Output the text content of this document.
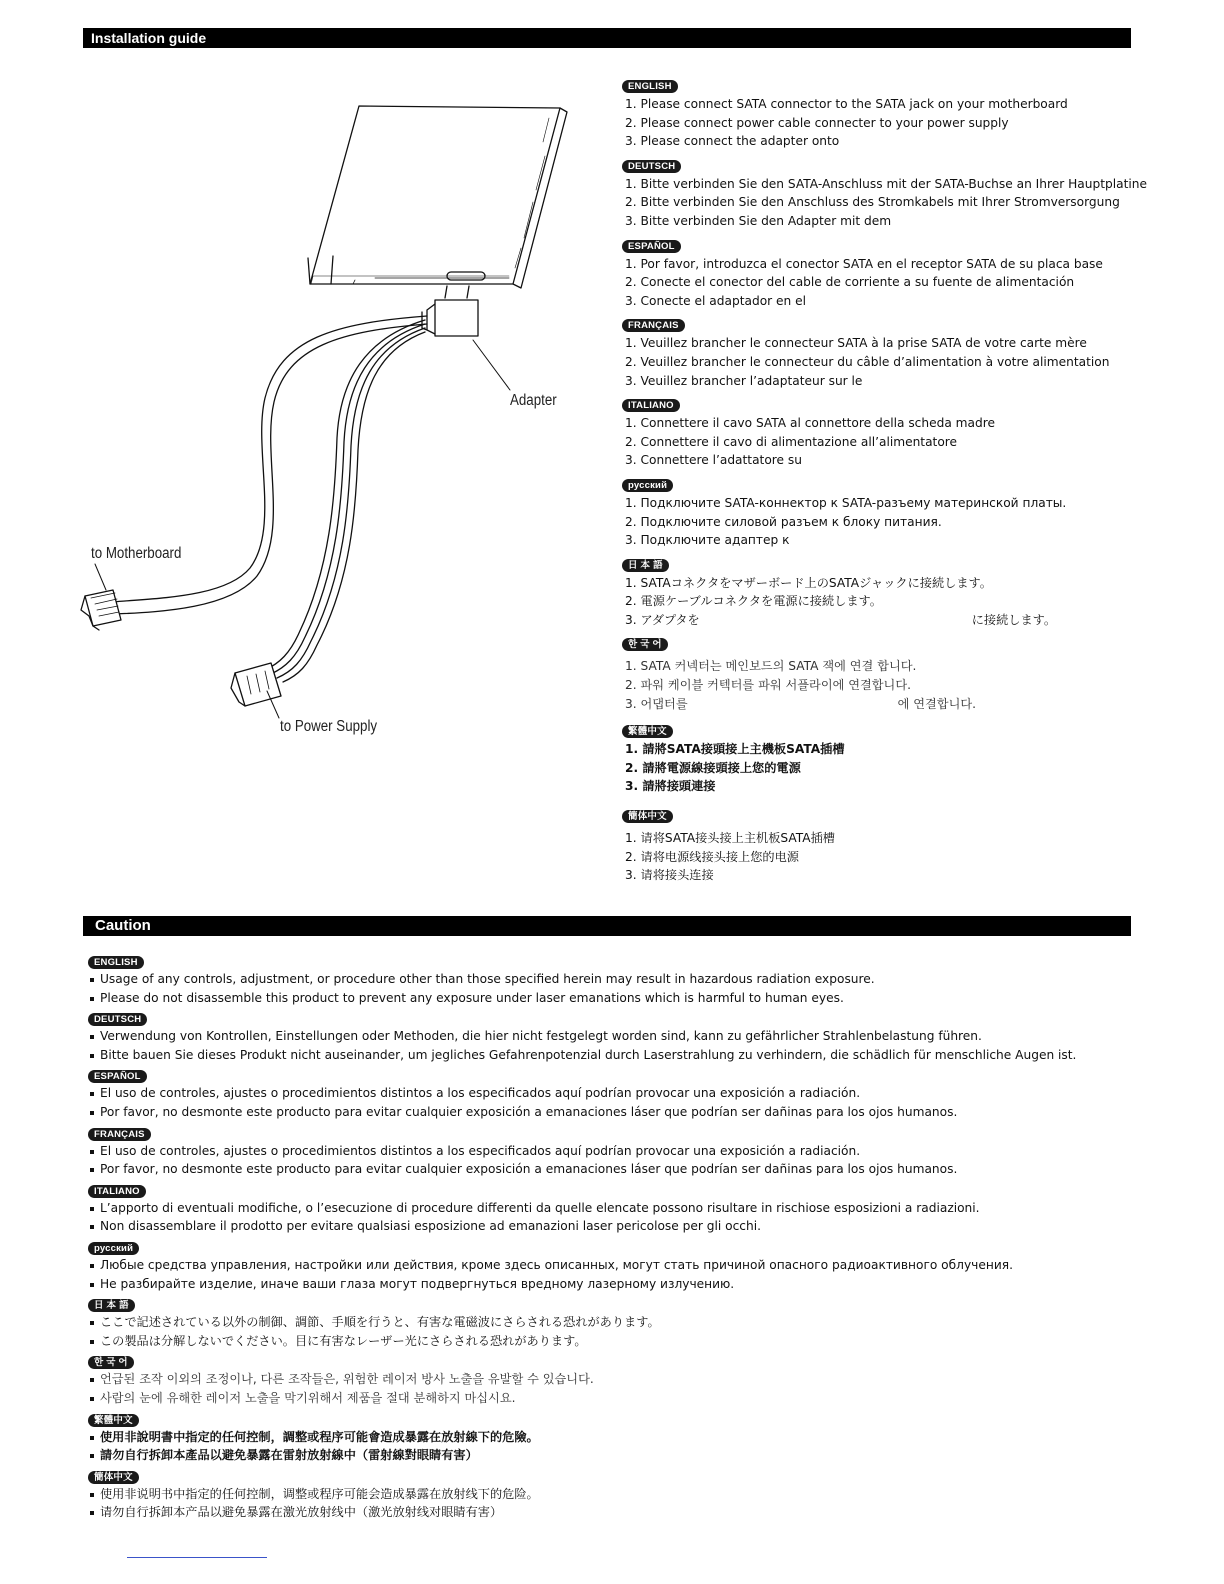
Installation guide
Adapter
to Motherboard
to Power Supply
ENGLISH
1. Please connect SATA connector to the SATA jack on your motherboard
2. Please connect power cable connecter to your power supply
3. Please connect the adapter onto
DEUTSCH
1. Bitte verbinden Sie den SATA-Anschluss mit der SATA-Buchse an Ihrer Hauptplatine
2. Bitte verbinden Sie den Anschluss des Stromkabels mit Ihrer Stromversorgung
3. Bitte verbinden Sie den Adapter mit dem
ESPAÑOL
1. Por favor, introduzca el conector SATA en el receptor SATA de su placa base
2. Conecte el conector del cable de corriente a su fuente de alimentación
3. Conecte el adaptador en el
FRANÇAIS
1. Veuillez brancher le connecteur SATA à la prise SATA de votre carte mère
2. Veuillez brancher le connecteur du câble d’alimentation à votre alimentation
3. Veuillez brancher l’adaptateur sur le
ITALIANO
1. Connettere il cavo SATA al connettore della scheda madre
2. Connettere il cavo di alimentazione all’alimentatore
3. Connettere l’adattatore su
русский
1. Подключите SATA-коннектор к SATA-разъему материнской платы.
2. Подключите силовой разъем к блоку питания.
3. Подключите адаптер к
日 本 語
1. SATAコネクタをマザーボード上のSATAジャックに接続します。
2. 電源ケーブルコネクタを電源に接続します。
3. アダプタを	に接続します。
한 국 어
1. SATA 커넥터는 메인보드의 SATA 잭에 연결 합니다.
2. 파워 케이블 커텍터를 파워 서플라이에 연결합니다.
3. 어댑터를	에 연결합니다.
繁體中文
1. 請將SATA接頭接上主機板SATA插槽
2. 請將電源線接頭接上您的電源
3. 請將接頭連接
簡体中文
1. 请将SATA接头接上主机板SATA插槽
2. 请将电源线接头接上您的电源
3. 请将接头连接
Caution
ENGLISH
Usage of any controls, adjustment, or procedure other than those specified herein may result in hazardous radiation exposure.
Please do not disassemble this product to prevent any exposure under laser emanations which is harmful to human eyes.
DEUTSCH
Verwendung von Kontrollen, Einstellungen oder Methoden, die hier nicht festgelegt worden sind, kann zu gefährlicher Strahlenbelastung führen.
Bitte bauen Sie dieses Produkt nicht auseinander, um jegliches Gefahrenpotenzial durch Laserstrahlung zu verhindern, die schädlich für menschliche Augen ist.
ESPAÑOL
El uso de controles, ajustes o procedimientos distintos a los especificados aquí podrían provocar una exposición a radiación.
Por favor, no desmonte este producto para evitar cualquier exposición a emanaciones láser que podrían ser dañinas para los ojos humanos.
FRANÇAIS
El uso de controles, ajustes o procedimientos distintos a los especificados aquí podrían provocar una exposición a radiación.
Por favor, no desmonte este producto para evitar cualquier exposición a emanaciones láser que podrían ser dañinas para los ojos humanos.
ITALIANO
L’apporto di eventuali modifiche, o l’esecuzione di procedure differenti da quelle elencate possono risultare in rischiose esposizioni a radiazioni.
Non disassemblare il prodotto per evitare qualsiasi esposizione ad emanazioni laser pericolose per gli occhi.
русский
Любые средства управления, настройки или действия, кроме здесь описанных, могут стать причиной опасного радиоактивного облучения.
Не разбирайте изделие, иначе ваши глаза могут подвергнуться вредному лазерному излучению.
日 本 語
ここで記述されている以外の制御、調節、手順を行うと、有害な電磁波にさらされる恐れがあります。
この製品は分解しないでください。目に有害なレーザー光にさらされる恐れがあります。
한 국 어
언급된 조작 이외의 조정이나, 다른 조작들은, 위험한 레이저 방사 노출을 유발할 수 있습니다.
사람의 눈에 유해한 레이저 노출을 막기위해서 제품을 절대 분해하지 마십시요.
繁體中文
使用非說明書中指定的任何控制，調整或程序可能會造成暴露在放射線下的危險。
請勿自行拆卸本產品以避免暴露在雷射放射線中（雷射線對眼睛有害）
簡体中文
使用非说明书中指定的任何控制，调整或程序可能会造成暴露在放射线下的危险。
请勿自行拆卸本产品以避免暴露在激光放射线中（激光放射线对眼睛有害）
